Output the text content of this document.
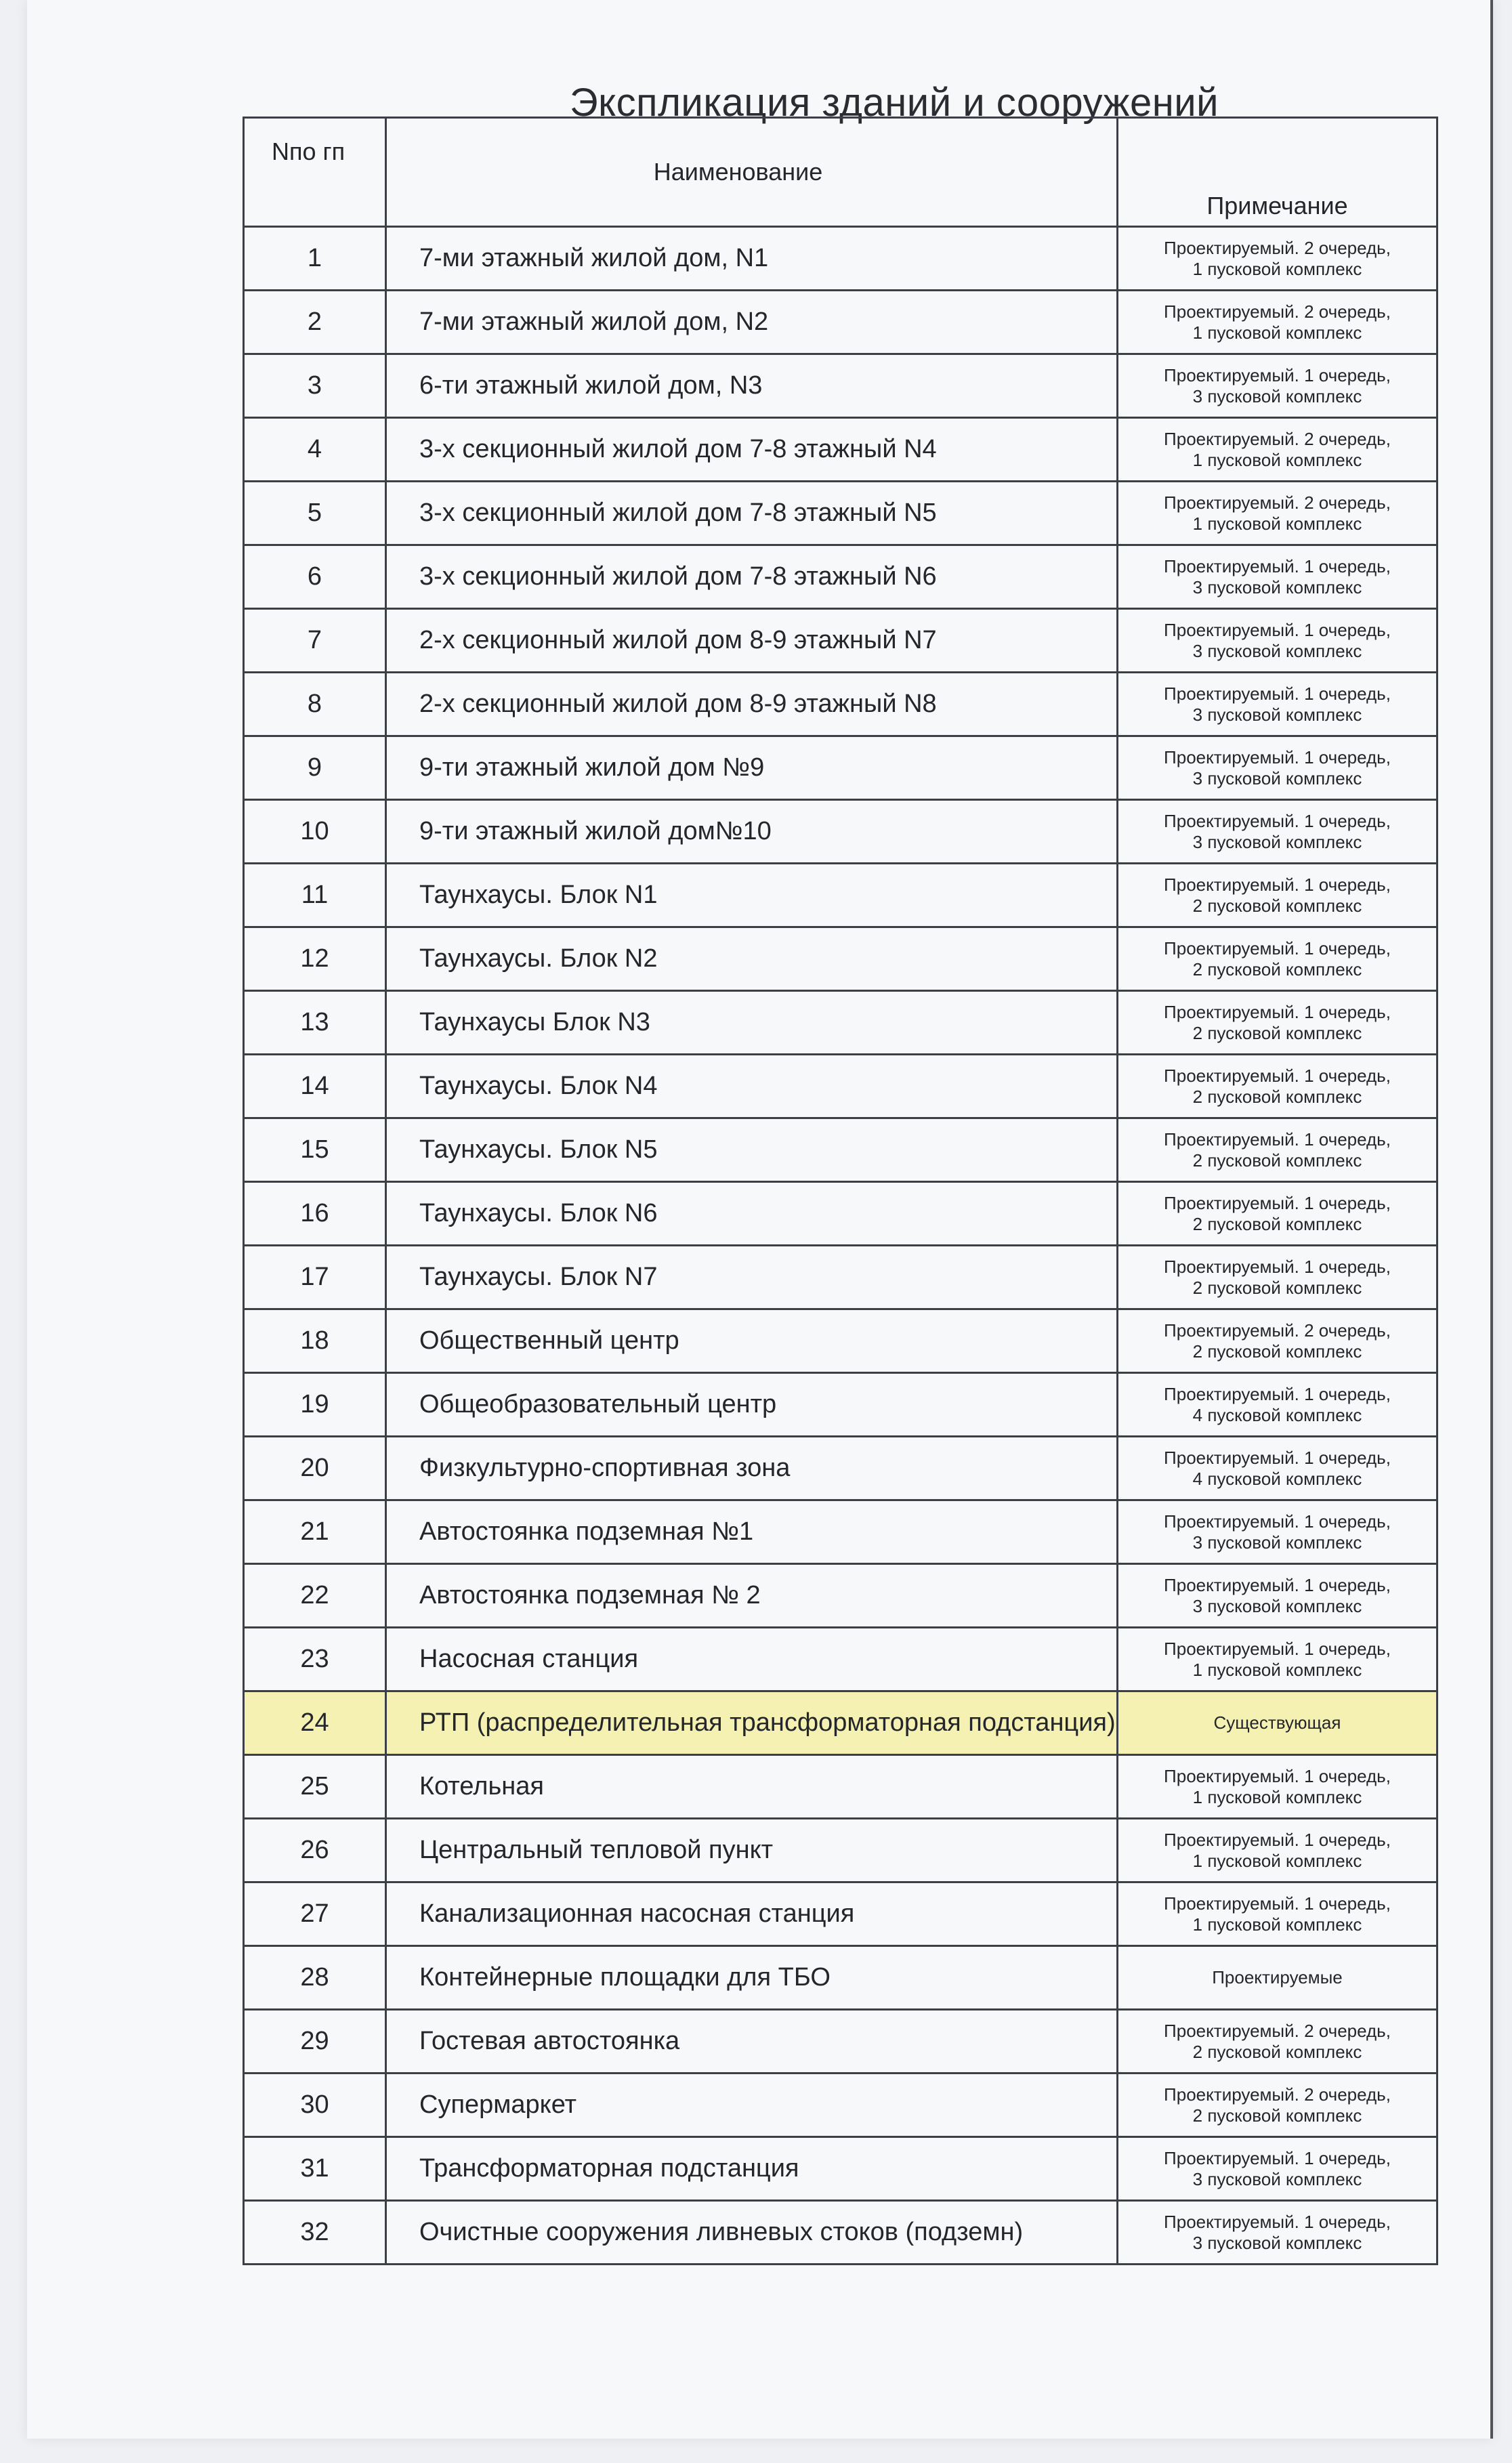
Экспликация зданий и сооружений
Nпо гп	Наименование	Примечание
1	7-ми этажный жилой дом, N1	Проектируемый. 2 очередь,
1 пусковой комплекс

2	7-ми этажный жилой дом, N2	Проектируемый. 2 очередь,
1 пусковой комплекс

3	6-ти этажный жилой дом, N3	Проектируемый. 1 очередь,
3 пусковой комплекс

4	3-х секционный жилой дом 7-8 этажный N4	Проектируемый. 2 очередь,
1 пусковой комплекс

5	3-х секционный жилой дом 7-8 этажный N5	Проектируемый. 2 очередь,
1 пусковой комплекс

6	3-х секционный жилой дом 7-8 этажный N6	Проектируемый. 1 очередь,
3 пусковой комплекс

7	2-х секционный жилой дом 8-9 этажный N7	Проектируемый. 1 очередь,
3 пусковой комплекс

8	2-х секционный жилой дом 8-9 этажный N8	Проектируемый. 1 очередь,
3 пусковой комплекс

9	9-ти этажный жилой дом №9	Проектируемый. 1 очередь,
3 пусковой комплекс

10	9-ти этажный жилой дом№10	Проектируемый. 1 очередь,
3 пусковой комплекс

11	Таунхаусы. Блок N1	Проектируемый. 1 очередь,
2 пусковой комплекс

12	Таунхаусы. Блок N2	Проектируемый. 1 очередь,
2 пусковой комплекс

13	Таунхаусы Блок N3	Проектируемый. 1 очередь,
2 пусковой комплекс

14	Таунхаусы. Блок N4	Проектируемый. 1 очередь,
2 пусковой комплекс

15	Таунхаусы. Блок N5	Проектируемый. 1 очередь,
2 пусковой комплекс

16	Таунхаусы. Блок N6	Проектируемый. 1 очередь,
2 пусковой комплекс

17	Таунхаусы. Блок N7	Проектируемый. 1 очередь,
2 пусковой комплекс

18	Общественный центр	Проектируемый. 2 очередь,
2 пусковой комплекс

19	Общеобразовательный центр	Проектируемый. 1 очередь,
4 пусковой комплекс

20	Физкультурно-спортивная зона	Проектируемый. 1 очередь,
4 пусковой комплекс

21	Автостоянка подземная №1	Проектируемый. 1 очередь,
3 пусковой комплекс

22	Автостоянка подземная № 2	Проектируемый. 1 очередь,
3 пусковой комплекс

23	Насосная станция	Проектируемый. 1 очередь,
1 пусковой комплекс

24	РТП (распределительная трансформаторная подстанция)	Существующая

25	Котельная	Проектируемый. 1 очередь,
1 пусковой комплекс

26	Центральный тепловой пункт	Проектируемый. 1 очередь,
1 пусковой комплекс

27	Канализационная насосная станция	Проектируемый. 1 очередь,
1 пусковой комплекс

28	Контейнерные площадки для ТБО	Проектируемые

29	Гостевая автостоянка	Проектируемый. 2 очередь,
2 пусковой комплекс

30	Супермаркет	Проектируемый. 2 очередь,
2 пусковой комплекс

31	Трансформаторная подстанция	Проектируемый. 1 очередь,
3 пусковой комплекс

32	Очистные сооружения ливневых стоков (подземн)	Проектируемый. 1 очередь,
3 пусковой комплекс
